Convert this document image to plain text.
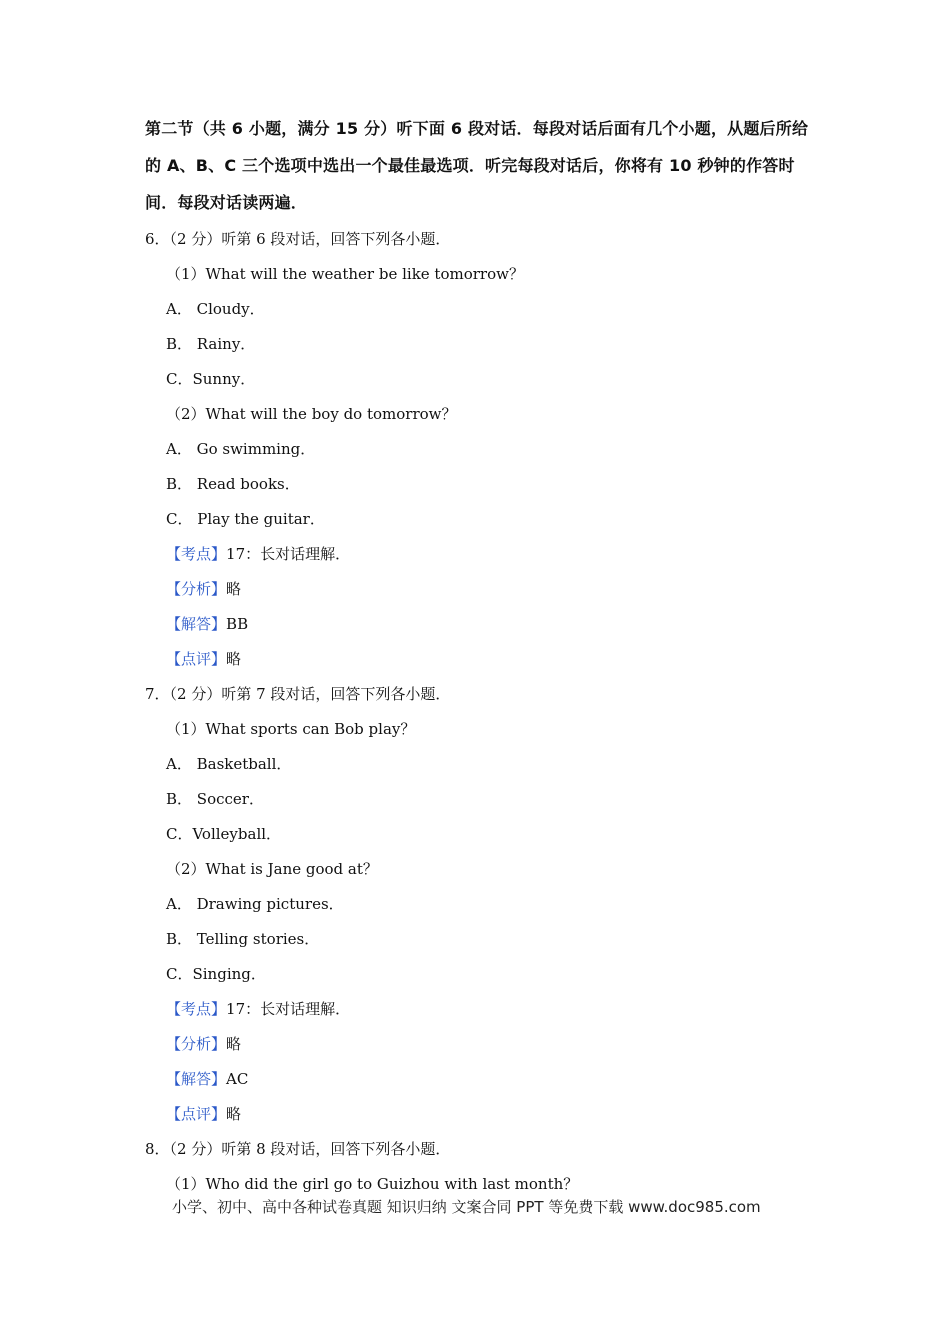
第二节（共 6 小题，满分 15 分）听下面 6 段对话．每段对话后面有几个小题，从题后所给的 A、B、C 三个选项中选出一个最佳最选项．听完每段对话后，你将有 10 秒钟的作答时间．每段对话读两遍．
6．（2 分）听第 6 段对话，回答下列各小题．
（1）What will the weather be like tomorrow？
A． Cloudy．
B． Rainy．
C．Sunny．
（2）What will the boy do tomorrow？
A． Go swimming．
B． Read books．
C． Play the guitar．
【考点】17：长对话理解．
【分析】略
【解答】BB
【点评】略
7．（2 分）听第 7 段对话，回答下列各小题．
（1）What sports can Bob play？
A． Basketball．
B． Soccer．
C．Volleyball．
（2）What is Jane good at？
A． Drawing pictures．
B． Telling stories．
C．Singing．
【考点】17：长对话理解．
【分析】略
【解答】AC
【点评】略
8．（2 分）听第 8 段对话，回答下列各小题．
（1）Who did the girl go to Guizhou with last month？
小学、初中、高中各种试卷真题 知识归纳 文案合同 PPT 等免费下载 www.doc985.com
